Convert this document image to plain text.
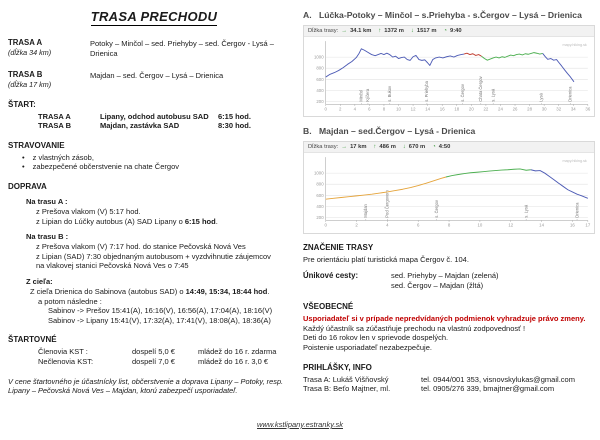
TRASA PRECHODU
TRASA A
(dĺžka 34 km)
Potoky – Minčol – sed. Priehyby – sed. Čergov - Lysá – Drienica
TRASA B
(dĺžka 17 km)
Majdan – sed. Čergov – Lysá – Drienica
ŠTART:
TRASA A	Lipany, odchod autobusu SAD	6:15 hod.
TRASA B	Majdan, zastávka SAD	8:30 hod.
STRAVOVANIE
• z vlastných zásob,
• zabezpečené občerstvenie na chate Čergov
DOPRAVA
Na trasu A :
z Prešova vlakom (V) 5:17 hod.
z Lipian do Lúčky autobus (A) SAD Lipany o 6:15 hod.
Na trasu B :
z Prešova vlakom (V) 7:17 hod. do stanice Pečovská Nová Ves
z Lipian (SAD) 7:30 objednaným autobusom + vyzdvihnutie záujemcov
na vlakovej stanici Pečovská Nová Ves o 7:45
Z cieľa:
Z cieľa Drienica do Sabinova (autobus SAD) o 14:49, 15:34, 18:44 hod.
a potom následne :
Sabinov -> Prešov 15:41(A), 16:16(V), 16:56(A), 17:04(A), 18:16(V)
Sabinov -> Lipany 15:41(V), 17:32(A), 17:41(V), 18:08(A), 18:36(A)
ŠTARTOVNÉ
Členovia KST :	dospelí 5,0 €	mládež do 16 r. zdarma
Nečlenovia KST:	dospelí 7,0 €	mládež do 16 r. 3,0 €
V cene štartovného je účastnícky list, občerstvenie a doprava Lipany – Potoky, resp. Lipany – Pečovská Nová Ves – Majdan, ktorú zabezpečí usporiadateľ.
A. Lúčka-Potoky – Minčol – s.Priehyba - s.Čergov – Lysá – Drienica
Dĺžka trasy: → 34.1 km ↑ 1372 m ↓ 1517 m ◔ 9:40
200
400
600
800
1000
0	2	4	6	8	10 12 14 16 18 20 22 24 26 28 30 32 34 36
Minčol Kýčera	s. Bukov	s. Priehyba	s. Čergov	Chata Čergov s. Lysá	Lysá	Drienica
mapy.hiking.sk
B. Majdan – sed.Čergov – Lysá - Drienica
Dĺžka trasy: → 17 km ↑ 486 m ↓ 670 m ◔ 4:50
200
400
600
800
1000
0	2	4	6	8	10	12	14	16	17
Majdan	Pod Čergovom	s. Čergov	s. Lysá	Drienica
mapy.hiking.sk
ZNAČENIE TRASY
Pre orientáciu platí turistická mapa Čergov č. 104.
Únikové cesty:	sed. Priehyby – Majdan (zelená)
sed. Čergov – Majdan (žltá)
VŠEOBECNÉ
Usporiadateľ si v prípade nepredvídaných podmienok vyhradzuje právo zmeny.
Každý účastník sa zúčastňuje prechodu na vlastnú zodpovednosť !
Deti do 16 rokov len v sprievode dospelých.
Poistenie usporiadateľ nezabezpečuje.
PRIHLÁŠKY, INFO
Trasa A: Lukáš Višňovský	tel. 0944/001 353, visnovskylukas@gmail.com
Trasa B: Beťo Majtner, ml.	tel. 0905/276 339, bmajtner@gmail.com
www.kstlipany.estranky.sk
